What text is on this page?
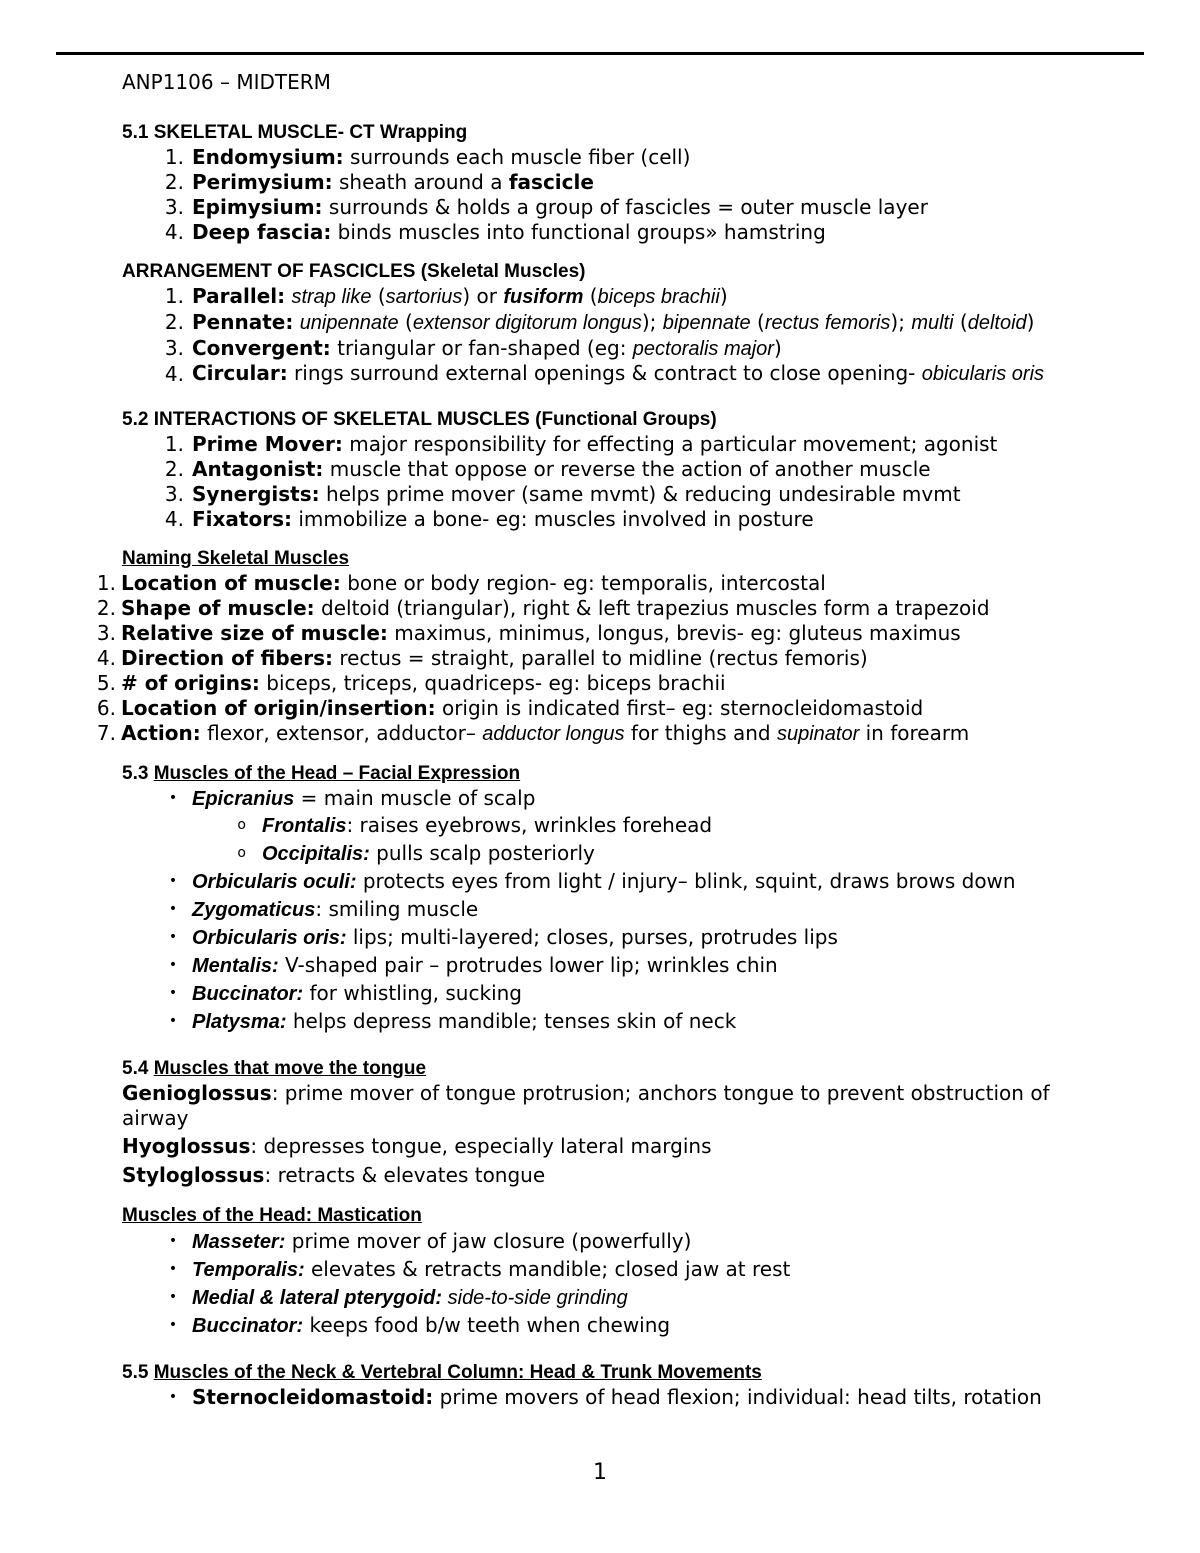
ANP1106 – MIDTERM
5.1 SKELETAL MUSCLE- CT Wrapping
1. Endomysium: surrounds each muscle fiber (cell)
2. Perimysium: sheath around a fascicle
3. Epimysium: surrounds & holds a group of fascicles = outer muscle layer
4. Deep fascia: binds muscles into functional groups» hamstring
ARRANGEMENT OF FASCICLES (Skeletal Muscles)
1. Parallel: strap like (sartorius) or fusiform (biceps brachii)
2. Pennate: unipennate (extensor digitorum longus); bipennate (rectus femoris); multi (deltoid)
3. Convergent: triangular or fan-shaped (eg: pectoralis major)
4. Circular: rings surround external openings & contract to close opening- obicularis oris
5.2 INTERACTIONS OF SKELETAL MUSCLES (Functional Groups)
1. Prime Mover: major responsibility for effecting a particular movement; agonist
2. Antagonist: muscle that oppose or reverse the action of another muscle
3. Synergists: helps prime mover (same mvmt) & reducing undesirable mvmt
4. Fixators: immobilize a bone- eg: muscles involved in posture
Naming Skeletal Muscles
1. Location of muscle: bone or body region- eg: temporalis, intercostal
2. Shape of muscle: deltoid (triangular), right & left trapezius muscles form a trapezoid
3. Relative size of muscle: maximus, minimus, longus, brevis- eg: gluteus maximus
4. Direction of fibers: rectus = straight, parallel to midline (rectus femoris)
5. # of origins: biceps, triceps, quadriceps- eg: biceps brachii
6. Location of origin/insertion: origin is indicated first– eg: sternocleidomastoid
7. Action: flexor, extensor, adductor– adductor longus for thighs and supinator in forearm
5.3 Muscles of the Head – Facial Expression
• Epicranius = main muscle of scalp
o Frontalis: raises eyebrows, wrinkles forehead
o Occipitalis: pulls scalp posteriorly
• Orbicularis oculi: protects eyes from light / injury– blink, squint, draws brows down
• Zygomaticus: smiling muscle
• Orbicularis oris: lips; multi-layered; closes, purses, protrudes lips
• Mentalis: V-shaped pair – protrudes lower lip; wrinkles chin
• Buccinator: for whistling, sucking
• Platysma: helps depress mandible; tenses skin of neck
5.4 Muscles that move the tongue
Genioglossus: prime mover of tongue protrusion; anchors tongue to prevent obstruction of airway
Hyoglossus: depresses tongue, especially lateral margins
Styloglossus: retracts & elevates tongue
Muscles of the Head: Mastication
• Masseter: prime mover of jaw closure (powerfully)
• Temporalis: elevates & retracts mandible; closed jaw at rest
• Medial & lateral pterygoid: side-to-side grinding
• Buccinator: keeps food b/w teeth when chewing
5.5 Muscles of the Neck & Vertebral Column: Head & Trunk Movements
• Sternocleidomastoid: prime movers of head flexion; individual: head tilts, rotation
1
